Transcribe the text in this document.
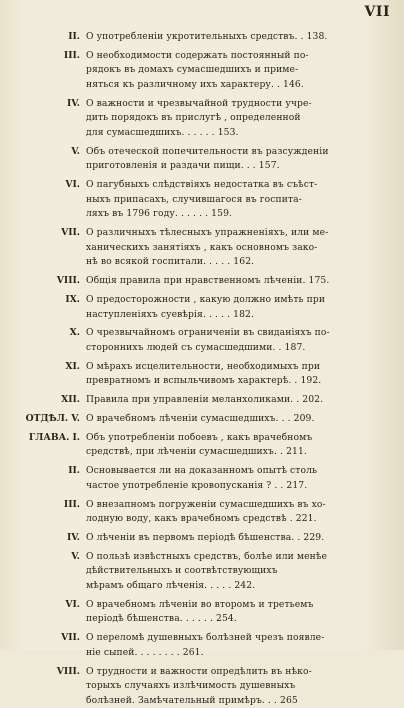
VII
II. О употребленіи укротительныхъ средствъ. . 138.
III. О необходимости содержать постоянный по-
рядокъ въ домахъ сумасшедшихъ и приме-
няться къ различному ихъ характеру. . 146.
IV. О важности и чрезвычайной трудности учре-
дить порядокъ въ прислугѣ , определенной
для сумасшедшихъ. . . . . . 153.
V. Объ отеческой попечительности въ разсужденіи
приготовленія и раздачи пищи. . . 157.
VI. О пагубныхъ слѣдствіяхъ недостатка въ съѣст-
ныхъ припасахъ, случившагося въ госпита-
ляхъ въ 1796 году. . . . . . 159.
VII. О различныхъ тѣлесныхъ упражненіяхъ, или ме-
ханическихъ занятіяхъ , какъ основномъ зако-
нѣ во всякой госпитали. . . . . 162.
VIII. Общія правила при нравственномъ лѣченіи. 175.
IX. О предосторожности , какую должно имѣть при
наступленіяхъ суевѣрія. . . . . 182.
X. О чрезвычайномъ ограниченіи въ свиданіяхъ по-
стороннихъ людей съ сумасшедшими. . 187.
XI. О мѣрахъ исцелительности, необходимыхъ при
превратномъ и вспыльчивомъ характерѣ. . 192.
XII. Правила при управленіи меланхоликами. . 202.
ОТДѢЛ. V. О врачебномъ лѣченіи сумасшедшихъ. . . 209.
ГЛАВА. I. Объ употребленіи побоевъ , какъ врачебномъ
средствѣ, при лѣченіи сумасшедшихъ. . 211.
II. Основывается ли на доказанномъ опытѣ столь
частое употребленіе кровопусканія ? . . 217.
III. О внезапномъ погруженіи сумасшедшихъ въ хо-
лодную воду, какъ врачебномъ средствѣ . 221.
IV. О лѣченіи въ первомъ періодѣ бѣшенства. . 229.
V. О пользѣ извѣстныхъ средствъ, болѣе или менѣе
дѣйствительныхъ и соотвѣтствующихъ
мѣрамъ общаго лѣченія. . . . . 242.
VI. О врачебномъ лѣченіи во второмъ и третьемъ
періодѣ бѣшенства. . . . . . 254.
VII. О переломѣ душевныхъ болѣзней чрезъ появле-
ніе сыпей. . . . . . . . 261.
VIII. О трудности и важности опредѣлить въ нѣко-
торыхъ случаяхъ излѣчимость душевныхъ
болѣзней. Замѣчательный примѣръ. . . 265
